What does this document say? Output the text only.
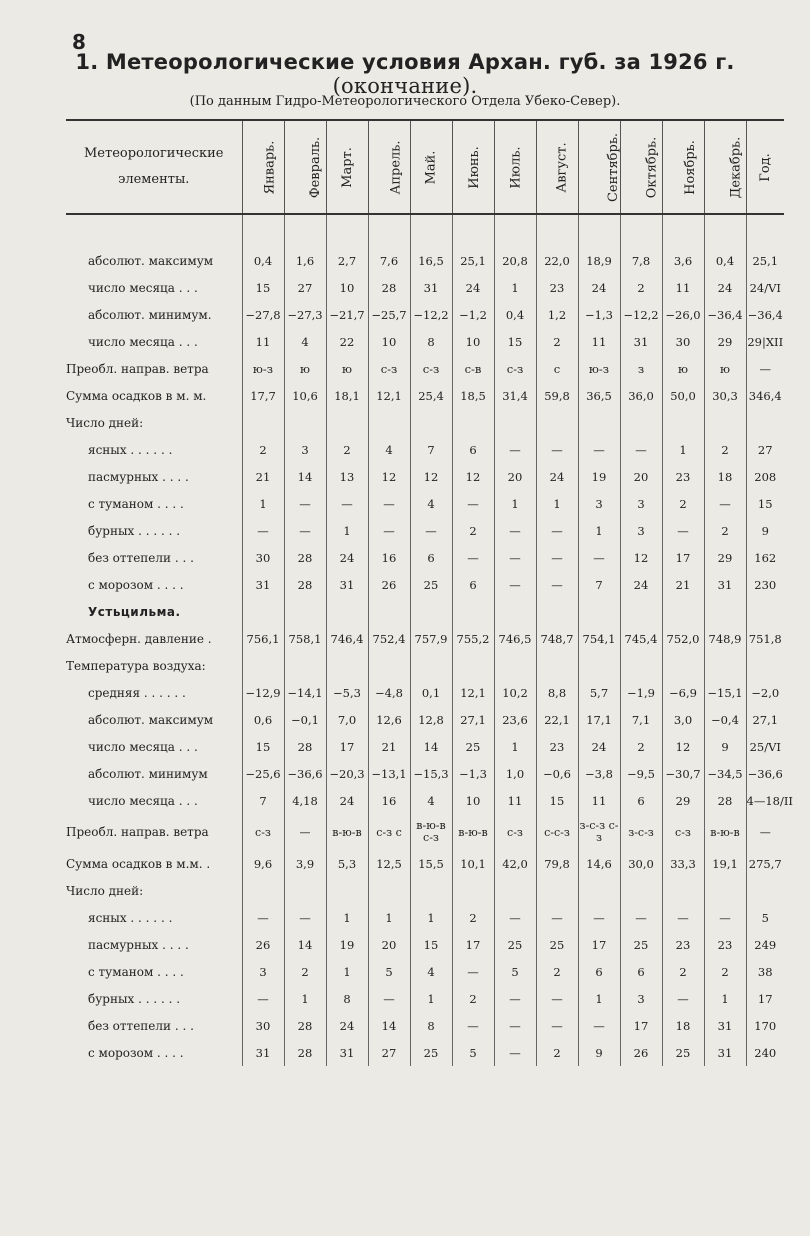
8
1. Метеорологические условия Архан. губ. за 1926 г. (окончание).
(По данным Гидро-Метеорологического Отдела Убеко-Север).
Метеорологические элементы.	Январь.	Февраль.	Март.	Апрель.	Май.	Июнь.	Июль.	Август.	Сентябрь.	Октябрь.	Ноябрь.	Декабрь.	Год.

абсолют. максимум	0,4	1,6	2,7	7,6	16,5	25,1	20,8	22,0	18,9	7,8	3,6	0,4	25,1
число месяца . . .	15	27	10	28	31	24	1	23	24	2	11	24	24/VI
абсолют. минимум.	−27,8	−27,3	−21,7	−25,7	−12,2	−1,2	0,4	1,2	−1,3	−12,2	−26,0	−36,4	−36,4
число месяца . . .	11	4	22	10	8	10	15	2	11	31	30	29	29|XII
Преобл. направ. ветра	ю-з	ю	ю	с-з	с-з	с-в	с-з	с	ю-з	з	ю	ю	—
Сумма осадков в м. м.	17,7	10,6	18,1	12,1	25,4	18,5	31,4	59,8	36,5	36,0	50,0	30,3	346,4
Число дней:													
ясных . . . . . .	2	3	2	4	7	6	—	—	—	—	1	2	27
пасмурных . . . .	21	14	13	12	12	12	20	24	19	20	23	18	208
с туманом . . . .	1	—	—	—	4	—	1	1	3	3	2	—	15
бурных . . . . . .	—	—	1	—	—	2	—	—	1	3	—	2	9
без оттепели . . .	30	28	24	16	6	—	—	—	—	12	17	29	162
с морозом . . . .	31	28	31	26	25	6	—	—	7	24	21	31	230
Устьцильма.													
Атмосферн. давление .	756,1	758,1	746,4	752,4	757,9	755,2	746,5	748,7	754,1	745,4	752,0	748,9	751,8
Температура воздуха:													
средняя . . . . . .	−12,9	−14,1	−5,3	−4,8	0,1	12,1	10,2	8,8	5,7	−1,9	−6,9	−15,1	−2,0
абсолют. максимум	0,6	−0,1	7,0	12,6	12,8	27,1	23,6	22,1	17,1	7,1	3,0	−0,4	27,1
число месяца . . .	15	28	17	21	14	25	1	23	24	2	12	9	25/VI
абсолют. минимум	−25,6	−36,6	−20,3	−13,1	−15,3	−1,3	1,0	−0,6	−3,8	−9,5	−30,7	−34,5	−36,6
число месяца . . .	7	4,18	24	16	4	10	11	15	11	6	29	28	4—18/II
Преобл. направ. ветра	с-з	—	в-ю-в	с-з с	в-ю-в с-з	в-ю-в	с-з	с-с-з	з-с-з с-з	з-с-з	с-з	в-ю-в	—
Сумма осадков в м.м. .	9,6	3,9	5,3	12,5	15,5	10,1	42,0	79,8	14,6	30,0	33,3	19,1	275,7
Число дней:													
ясных . . . . . .	—	—	1	1	1	2	—	—	—	—	—	—	5
пасмурных . . . .	26	14	19	20	15	17	25	25	17	25	23	23	249
с туманом . . . .	3	2	1	5	4	—	5	2	6	6	2	2	38
бурных . . . . . .	—	1	8	—	1	2	—	—	1	3	—	1	17
без оттепели . . .	30	28	24	14	8	—	—	—	—	17	18	31	170
с морозом . . . .	31	28	31	27	25	5	—	2	9	26	25	31	240
